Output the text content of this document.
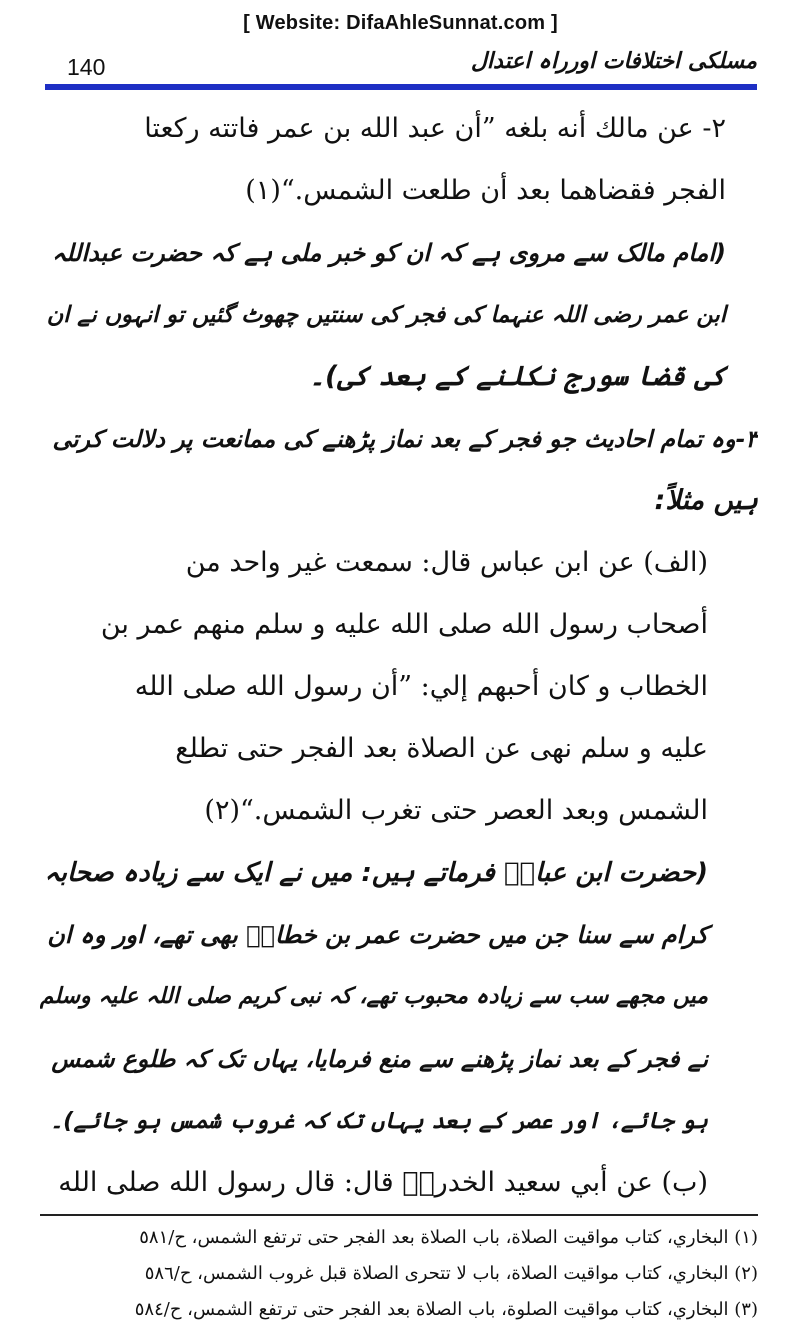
[ Website: DifaAhleSunnat.com ]
140	مسلکی اختلافات اورراہ اعتدال
٢- عن مالك أنه بلغه ”أن عبد الله بن عمر فاتته ركعتا
الفجر فقضاهما بعد أن طلعت الشمس.“(١)
(امام مالک سے مروی ہے کہ ان کو خبر ملی ہے کہ حضرت عبداللہ
ابن عمر رضی اللہ عنہما کی فجر کی سنتیں چھوٹ گئیں تو انہوں نے ان
کی قضا سورج نکلنے کے بعد کی)۔
٣-وہ تمام احادیث جو فجر کے بعد نماز پڑھنے کی ممانعت پر دلالت کرتی
ہیں مثلاً:
(الف) عن ابن عباس قال: سمعت غير واحد من
أصحاب رسول الله صلى الله عليه و سلم منهم عمر بن
الخطاب و كان أحبهم إلي: ”أن رسول الله صلى الله
عليه و سلم نهى عن الصلاة بعد الفجر حتى تطلع
الشمس وبعد العصر حتى تغرب الشمس.“(٢)
(حضرت ابن عباسؓ فرماتے ہیں: میں نے ایک سے زیادہ صحابہ
کرام سے سنا جن میں حضرت عمر بن خطابؓ بھی تھے، اور وہ ان
میں مجھے سب سے زیادہ محبوب تھے، کہ نبی کریم صلی اللہ علیہ وسلم
نے فجر کے بعد نماز پڑھنے سے منع فرمایا، یہاں تک کہ طلوع شمس
ہو جائے، اور عصر کے بعد یہاں تک کہ غروب شمس ہو جائے)۔
(ب) عن أبي سعيد الخدريؓ قال: قال رسول الله صلى الله
(١) البخاري، كتاب مواقيت الصلاة، باب الصلاة بعد الفجر حتى ترتفع الشمس، ح/٥٨١
(٢) البخاري، كتاب مواقيت الصلاة، باب لا تتحرى الصلاة قبل غروب الشمس، ح/٥٨٦
(٣) البخاري، كتاب مواقيت الصلوة، باب الصلاة بعد الفجر حتى ترتفع الشمس، ح/٥٨٤
